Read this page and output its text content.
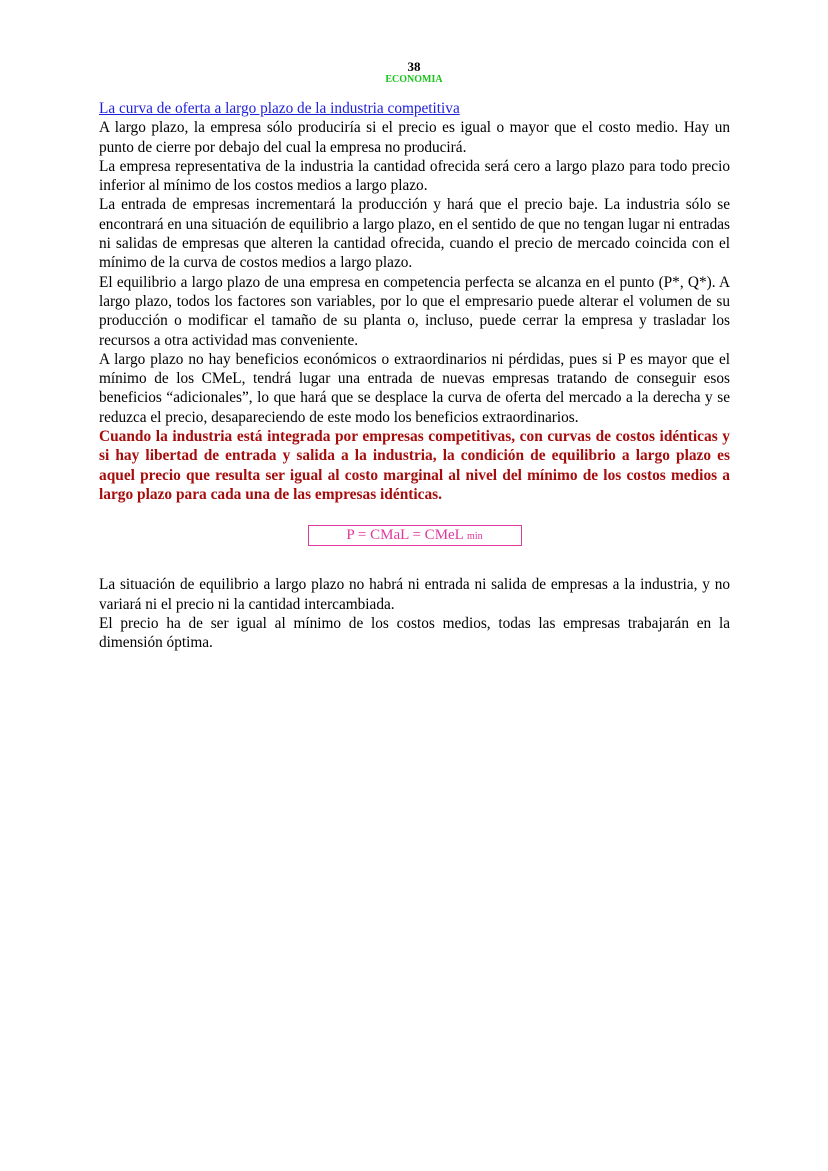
38
ECONOMIA

La curva de oferta a largo plazo de la industria competitiva

A largo plazo, la empresa sólo produciría si el precio es igual o mayor que el costo medio. Hay un punto de cierre por debajo del cual la empresa no producirá.

La empresa representativa de la industria la cantidad ofrecida será cero a largo plazo para todo precio inferior al mínimo de los costos medios a largo plazo.

La entrada de empresas incrementará la producción y hará que el precio baje. La industria sólo se encontrará en una situación de equilibrio a largo plazo, en el sentido de que no tengan lugar ni entradas ni salidas de empresas que alteren la cantidad ofrecida, cuando el precio de mercado coincida con el mínimo de la curva de costos medios a largo plazo.

El equilibrio a largo plazo de una empresa en competencia perfecta se alcanza en el punto (P*, Q*). A largo plazo, todos los factores son variables, por lo que el empresario puede alterar el volumen de su producción o modificar el tamaño de su planta o, incluso, puede cerrar la empresa y trasladar los recursos a otra actividad mas conveniente.

A largo plazo no hay beneficios económicos o extraordinarios ni pérdidas, pues si P es mayor que el mínimo de los CMeL, tendrá lugar una entrada de nuevas empresas tratando de conseguir esos beneficios “adicionales”, lo que hará que se desplace la curva de oferta del mercado a la derecha y se reduzca el precio, desapareciendo de este modo los beneficios extraordinarios.

Cuando la industria está integrada por empresas competitivas, con curvas de costos idénticas y si hay libertad de entrada y salida a la industria, la condición de equilibrio a largo plazo es aquel precio que resulta ser igual al costo marginal al nivel del mínimo de los costos medios a largo plazo para cada una de las empresas idénticas.

P = CMaL = CMeL min

La situación de equilibrio a largo plazo no habrá ni entrada ni salida de empresas a la industria, y no variará ni el precio ni la cantidad intercambiada.

El precio ha de ser igual al mínimo de los costos medios, todas las empresas trabajarán en la dimensión óptima.
